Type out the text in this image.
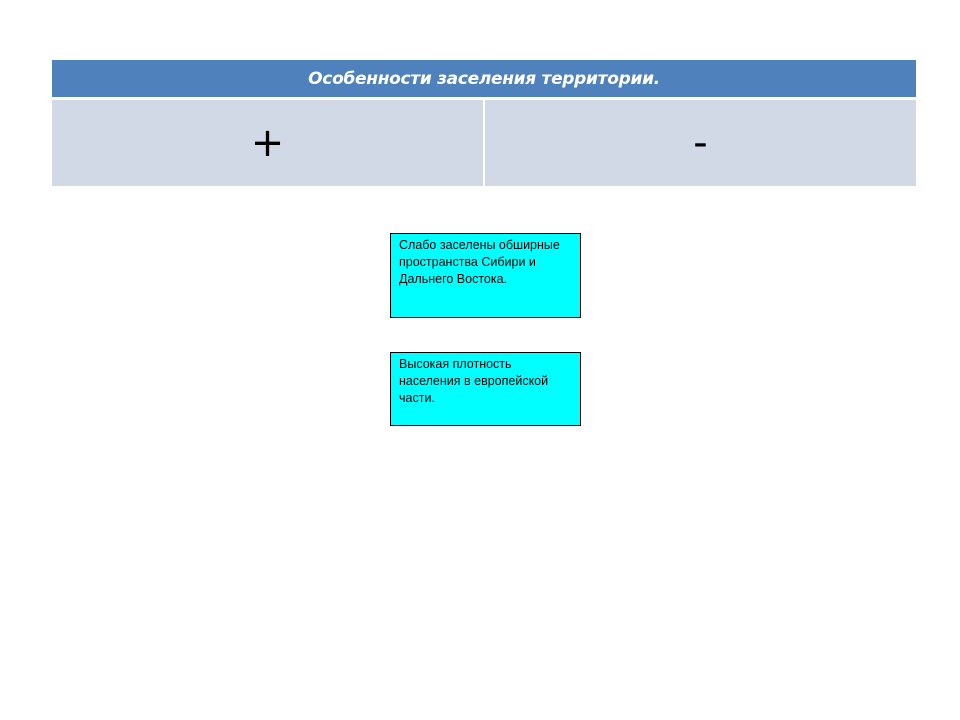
Особенности заселения территории.
+	-
Слабо заселены обширные пространства Сибири и Дальнего Востока.
Высокая плотность населения в европейской части.
